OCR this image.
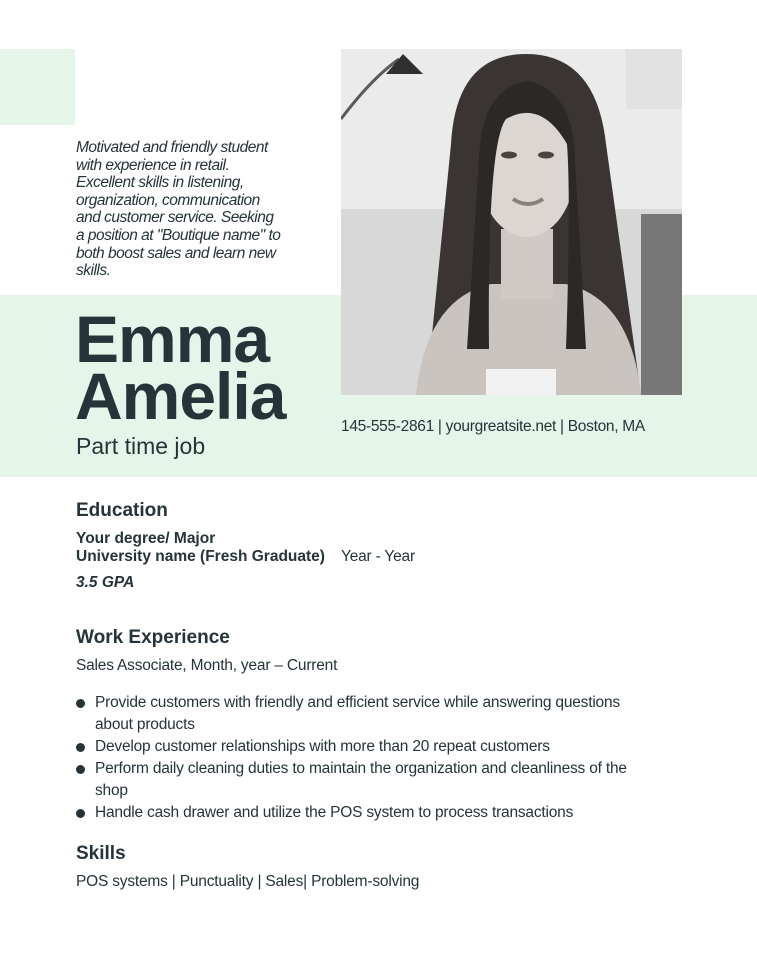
Motivated and friendly student with experience in retail. Excellent skills in listening, organization, communication and customer service. Seeking a position at "Boutique name" to both boost sales and learn new skills.

Emma
Amelia
Part time job
145-555-2861 | yourgreatsite.net | Boston, MA
Education
Your degree/ Major
University name (Fresh Graduate) Year - Year
3.5 GPA
Work Experience
Sales Associate, Month, year – Current
Provide customers with friendly and efficient service while answering questions about products
Develop customer relationships with more than 20 repeat customers
Perform daily cleaning duties to maintain the organization and cleanliness of the shop
Handle cash drawer and utilize the POS system to process transactions
Skills
POS systems | Punctuality | Sales| Problem-solving
